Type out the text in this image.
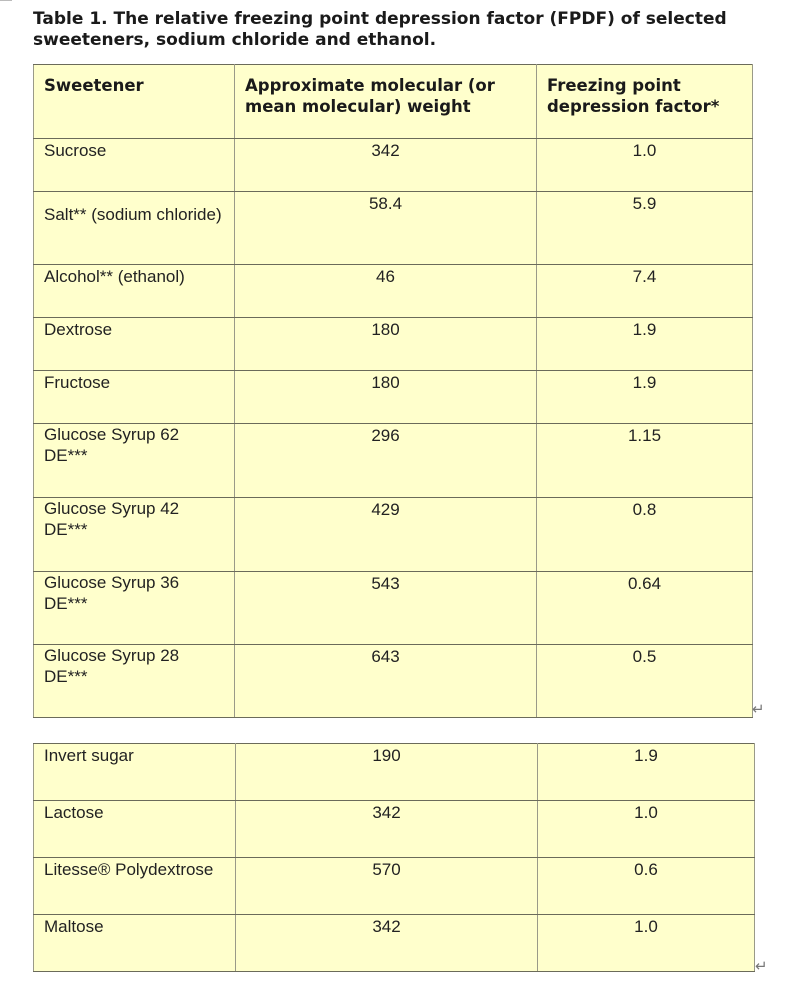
Table 1. The relative freezing point depression factor (FPDF) of selected sweeteners, sodium chloride and ethanol.
Sweetener	Approximate molecular (or mean molecular) weight	Freezing point depression factor*
Sucrose	342	1.0
Salt** (sodium chloride)	58.4	5.9
Alcohol** (ethanol)	46	7.4
Dextrose	180	1.9
Fructose	180	1.9
Glucose Syrup 62 DE***	296	1.15
Glucose Syrup 42 DE***	429	0.8
Glucose Syrup 36 DE***	543	0.64
Glucose Syrup 28 DE***	643	0.5
↵
Invert sugar	190	1.9
Lactose	342	1.0
Litesse® Polydextrose	570	0.6
Maltose	342	1.0
↵
